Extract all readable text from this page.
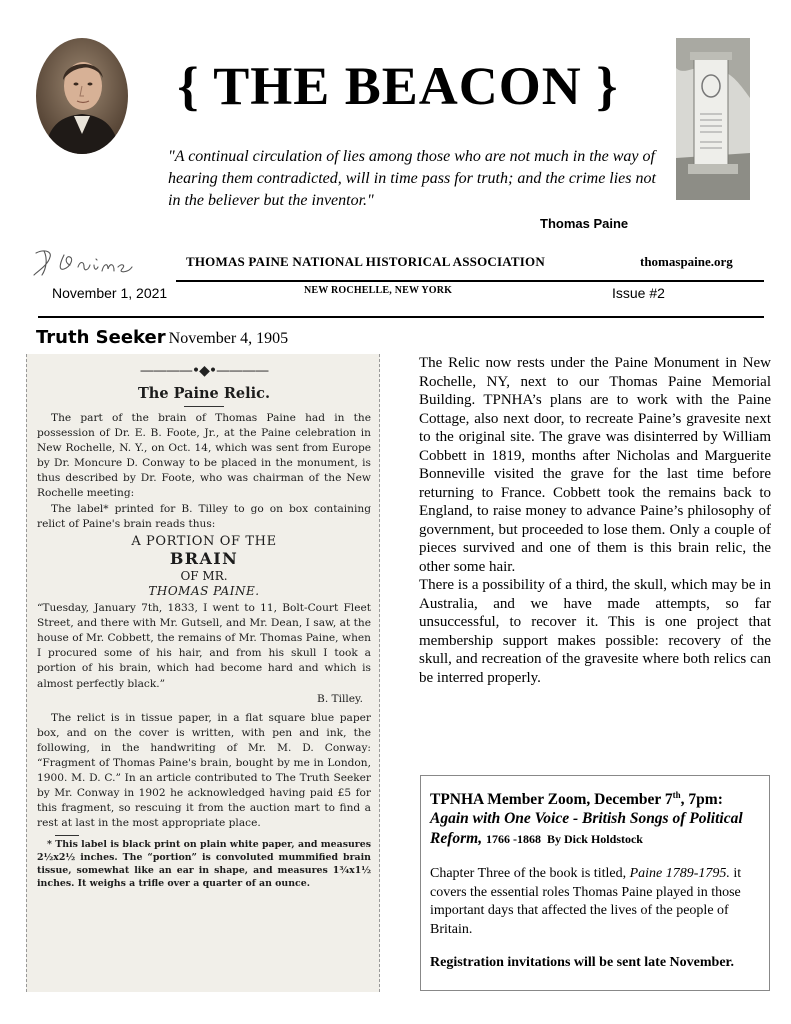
{ THE BEACON }
"A continual circulation of lies among those who are not much in the way of hearing them contradicted, will in time pass for truth; and the crime lies not in the believer but the inventor."
Thomas Paine
THOMAS PAINE NATIONAL HISTORICAL ASSOCIATION	thomaspaine.org
November 1, 2021	NEW ROCHELLE, NEW YORK	Issue #2
Truth Seeker November 4, 1905
————•◆•————

The Paine Relic.

The part of the brain of Thomas Paine had in the possession of Dr. E. B. Foote, Jr., at the Paine celebration in New Rochelle, N. Y., on Oct. 14, which was sent from Europe by Dr. Moncure D. Conway to be placed in the monument, is thus described by Dr. Foote, who was chairman of the New Rochelle meeting:

The label* printed for B. Tilley to go on box containing relict of Paine's brain reads thus:

A PORTION OF THE

BRAIN

OF MR.

THOMAS PAINE.

“Tuesday, January 7th, 1833, I went to 11, Bolt-Court Fleet Street, and there with Mr. Gutsell, and Mr. Dean, I saw, at the house of Mr. Cobbett, the remains of Mr. Thomas Paine, when I procured some of his hair, and from his skull I took a portion of his brain, which had become hard and which is almost perfectly black.”

B. Tilley.

The relict is in tissue paper, in a flat square blue paper box, and on the cover is written, with pen and ink, the following, in the handwriting of Mr. M. D. Conway: “Fragment of Thomas Paine's brain, bought by me in London, 1900. M. D. C.” In an article contributed to The Truth Seeker by Mr. Conway in 1902 he acknowledged having paid £5 for this fragment, so rescuing it from the auction mart to find a rest at last in the most appropriate place.

* This label is black print on plain white paper, and measures 2½x2½ inches. The “portion” is convoluted mummified brain tissue, somewhat like an ear in shape, and measures 1¾x1½ inches. It weighs a trifle over a quarter of an ounce.

The Relic now rests under the Paine Monument in New Rochelle, NY, next to our Thomas Paine Memorial Building. TPNHA’s plans are to work with the Paine Cottage, also next door, to recreate Paine’s gravesite next to the original site. The grave was disinterred by William Cobbett in 1819, months after Nicholas and Marguerite Bonneville visited the grave for the last time before returning to France. Cobbett took the remains back to England, to raise money to advance Paine’s philosophy of government, but proceeded to lose them. Only a couple of pieces survived and one of them is this brain relic, the other some hair.

There is a possibility of a third, the skull, which may be in Australia, and we have made attempts, so far unsuccessful, to recover it. This is one project that membership support makes possible: recovery of the skull, and recreation of the gravesite where both relics can be interred properly.

TPNHA Member Zoom, December 7th, 7pm:

Again with One Voice - British Songs of Political Reform, 1766 -1868 By Dick Holdstock

Chapter Three of the book is titled, Paine 1789-1795. it covers the essential roles Thomas Paine played in those important days that affected the lives of the people of Britain.

Registration invitations will be sent late November.
